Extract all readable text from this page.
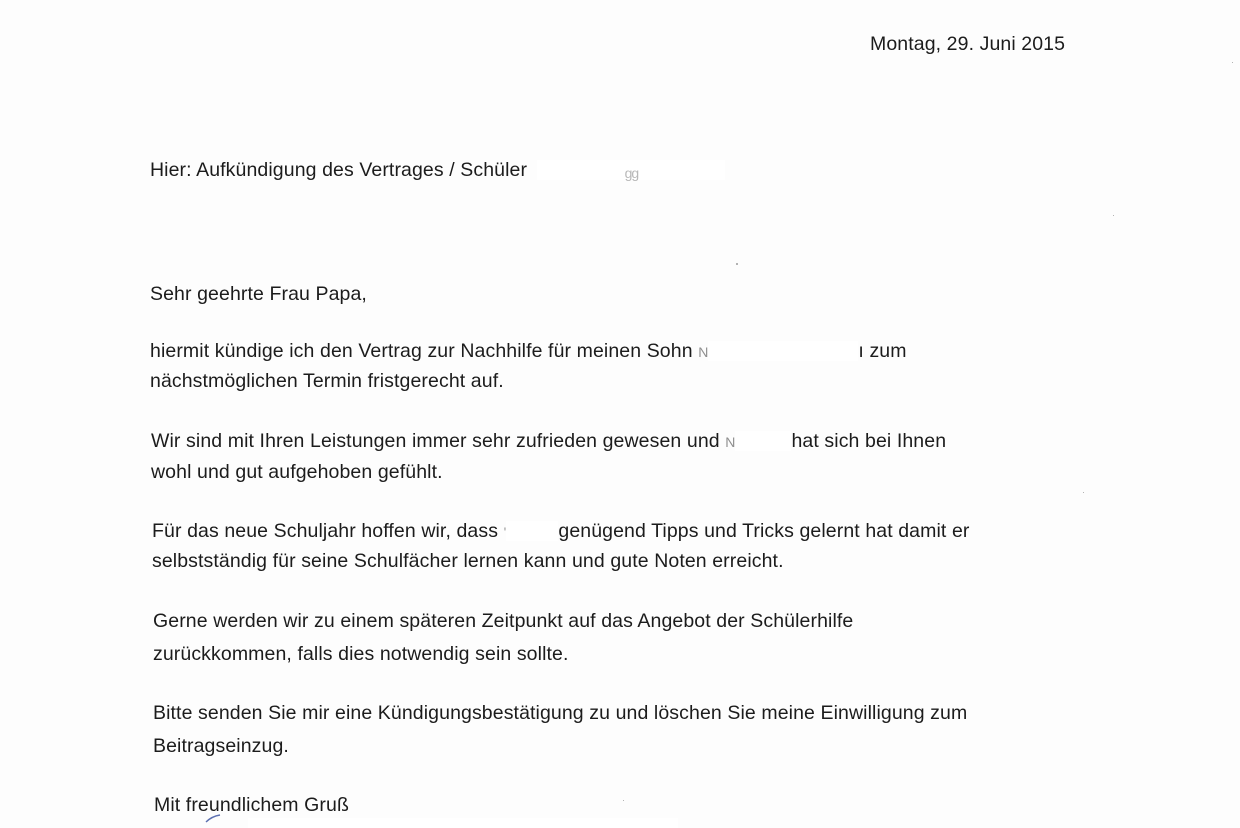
Montag, 29. Juni 2015
Hier: Aufkündigung des Vertrages / Schüler	gg
Sehr geehrte Frau Papa,
hiermit kündige ich den Vertrag zur Nachhilfe für meinen Sohn N	ı zum
nächstmöglichen Termin fristgerecht auf.
Wir sind mit Ihren Leistungen immer sehr zufrieden gewesen und N	hat sich bei Ihnen
wohl und gut aufgehoben gefühlt.
Für das neue Schuljahr hoffen wir, dass '	genügend Tipps und Tricks gelernt hat damit er
selbstständig für seine Schulfächer lernen kann und gute Noten erreicht.
Gerne werden wir zu einem späteren Zeitpunkt auf das Angebot der Schülerhilfe
zurückkommen, falls dies notwendig sein sollte.
Bitte senden Sie mir eine Kündigungsbestätigung zu und löschen Sie meine Einwilligung zum
Beitragseinzug.
Mit freundlichem Gruß
